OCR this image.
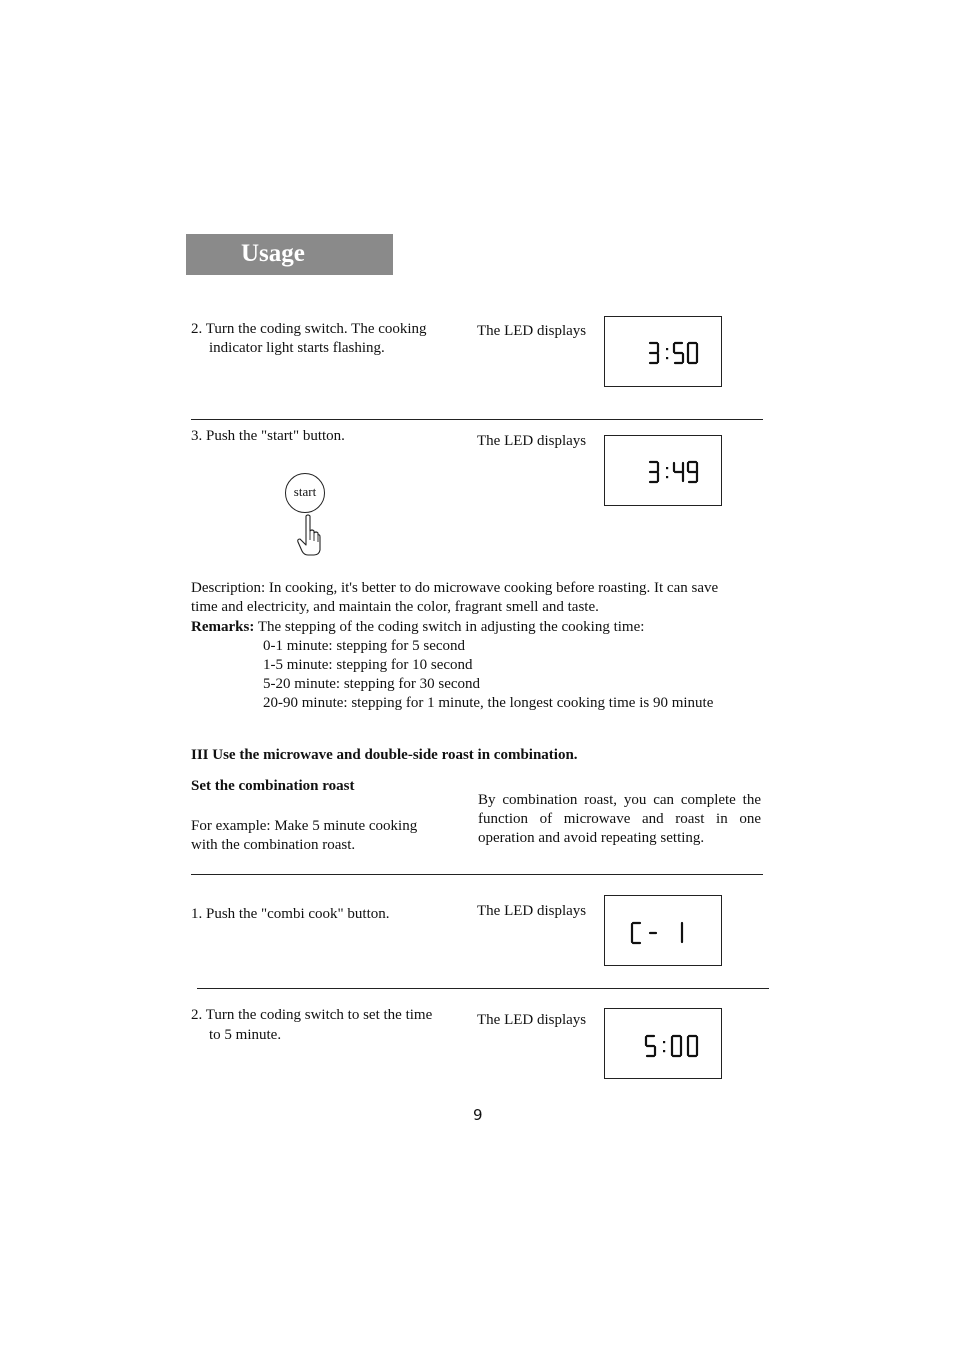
Usage
2. Turn the coding switch. The cooking
indicator light starts flashing.
The LED displays
3. Push the "start" button.	The LED displays
start
Description: In cooking, it's better to do microwave cooking before roasting. It can save
time and electricity, and maintain the color, fragrant smell and taste.
Remarks: The stepping of the coding switch in adjusting the cooking time:
0-1 minute: stepping for 5 second
1-5 minute: stepping for 10 second
5-20 minute: stepping for 30 second
20-90 minute: stepping for 1 minute, the longest cooking time is 90 minute
III Use the microwave and double-side roast in combination.
Set the combination roast
For example: Make 5 minute cooking
with the combination roast.
By combination roast, you can complete the function of microwave and roast in one operation and avoid repeating setting.
1. Push the "combi cook" button.	The LED displays
2. Turn the coding switch to set the time
to 5 minute.
The LED displays
9
